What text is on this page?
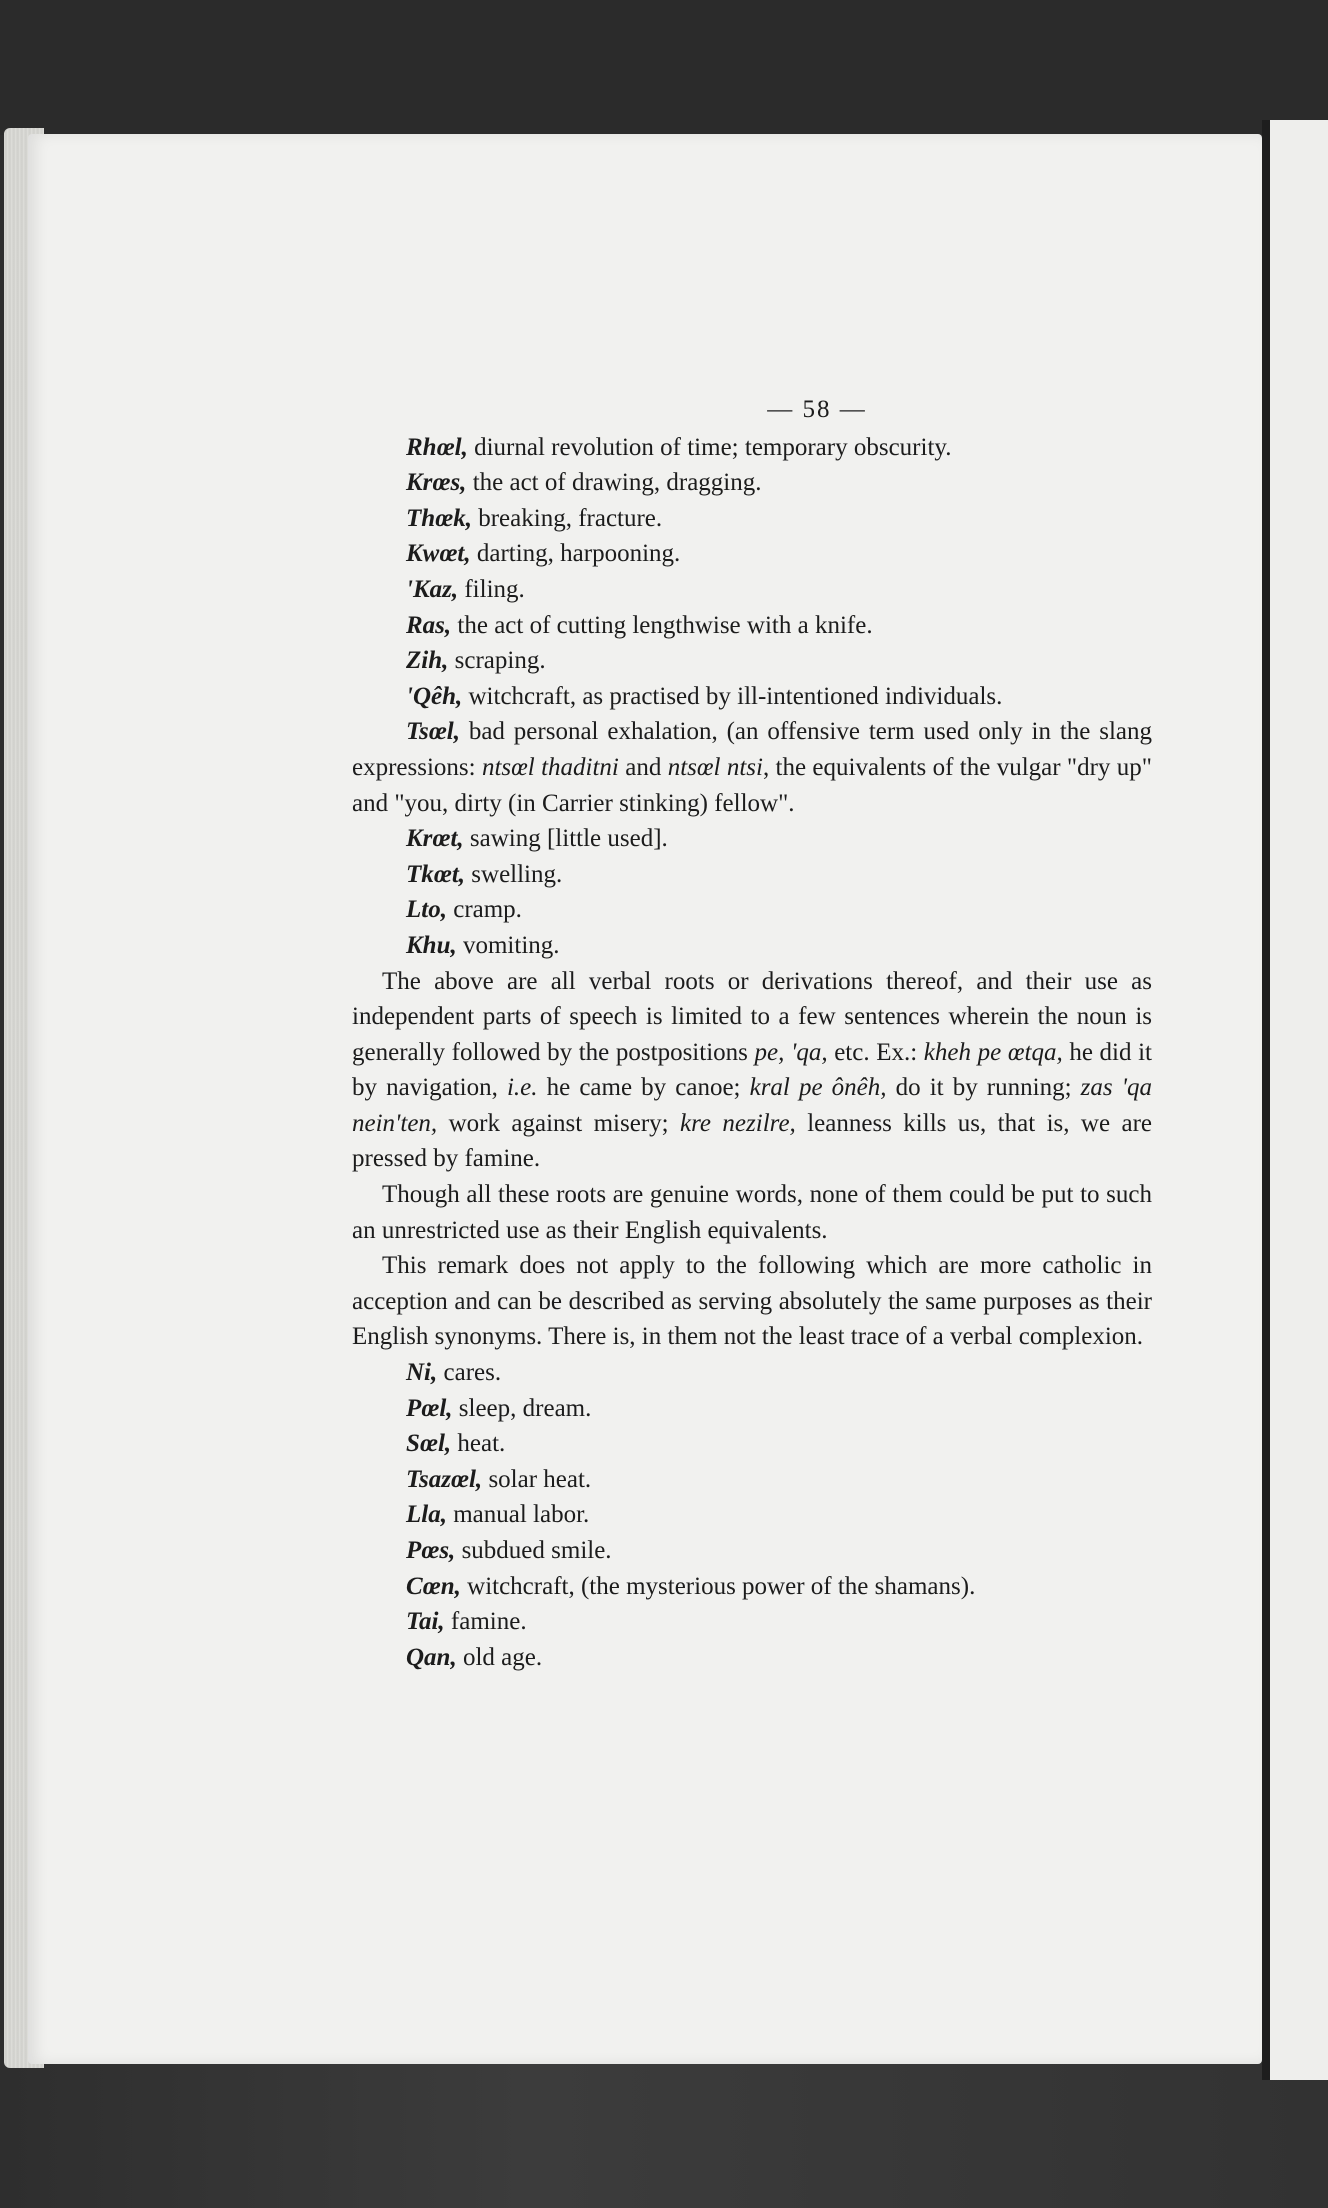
— 58 —
Rhœl, diurnal revolution of time; temporary obscurity.
Krœs, the act of drawing, dragging.
Thœk, breaking, fracture.
Kwœt, darting, harpooning.
'Kaz, filing.
Ras, the act of cutting lengthwise with a knife.
Zih, scraping.
'Qêh, witchcraft, as practised by ill-intentioned individuals.
Tsœl, bad personal exhalation, (an offensive term used only in the slang expressions: ntsœl thaditni and ntsœl ntsi, the equivalents of the vulgar "dry up" and "you, dirty (in Carrier stinking) fellow".
Krœt, sawing [little used].
Tkœt, swelling.
Lto, cramp.
Khu, vomiting.
The above are all verbal roots or derivations thereof, and their use as independent parts of speech is limited to a few sentences wherein the noun is generally followed by the postpositions pe, 'qa, etc. Ex.: kheh pe œtqa, he did it by navigation, i.e. he came by canoe; kral pe ônêh, do it by running; zas 'qa nein'ten, work against misery; kre nezilre, leanness kills us, that is, we are pressed by famine.
Though all these roots are genuine words, none of them could be put to such an unrestricted use as their English equivalents.
This remark does not apply to the following which are more catholic in acception and can be described as serving absolutely the same purposes as their English synonyms. There is, in them not the least trace of a verbal complexion.
Ni, cares.
Pœl, sleep, dream.
Sœl, heat.
Tsazœl, solar heat.
Lla, manual labor.
Pœs, subdued smile.
Cœn, witchcraft, (the mysterious power of the shamans).
Tai, famine.
Qan, old age.
